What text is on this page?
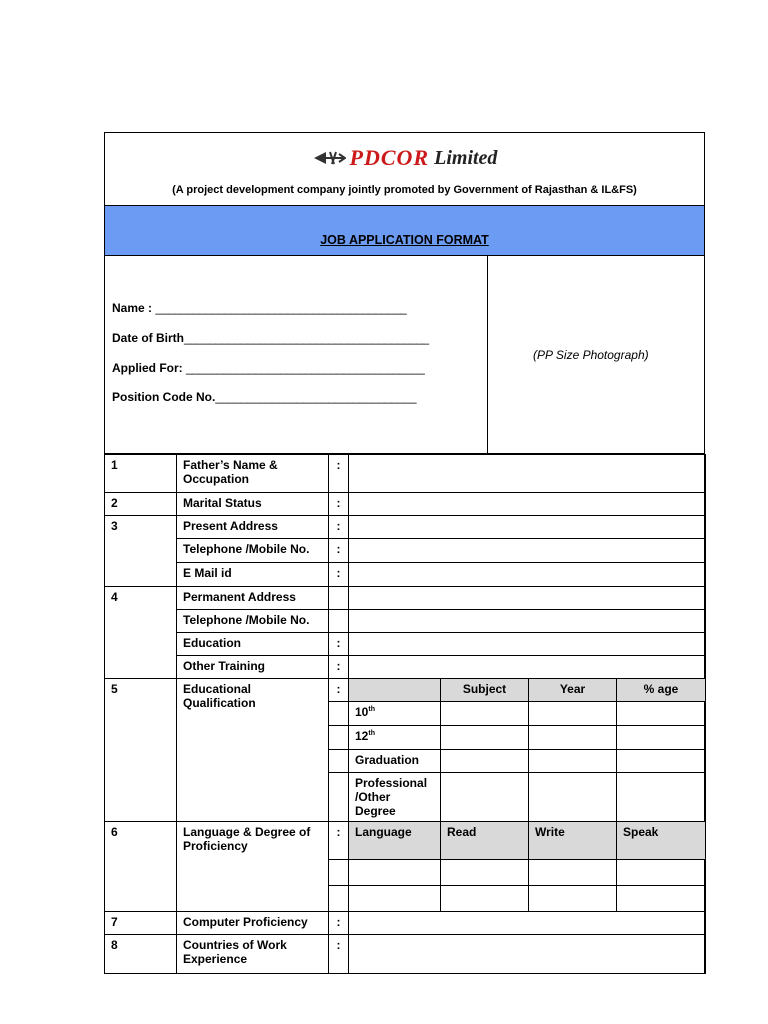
PDCOR Limited
(A project development company jointly promoted by Government of Rajasthan & IL&FS)
JOB APPLICATION FORMAT
Name : ________________________________________
Date of Birth_______________________________________
Applied For: ______________________________________
Position Code No.________________________________
(PP Size Photograph)
1	Father’s Name & Occupation	:				
2	Marital Status	:				
3	Present Address	:				
	Telephone /Mobile No.	:				
	E Mail id	:				
4	Permanent Address					
	Telephone /Mobile No.					
	Education	:				
	Other Training	:				
5	Educational Qualification	:		Subject	Year	% age
			10th			
			12th			
			Graduation			
			Professional /Other Degree			
6	Language & Degree of Proficiency	:	Language	Read	Write	Speak

7	Computer Proficiency	:				
8	Countries of Work Experience	:				
